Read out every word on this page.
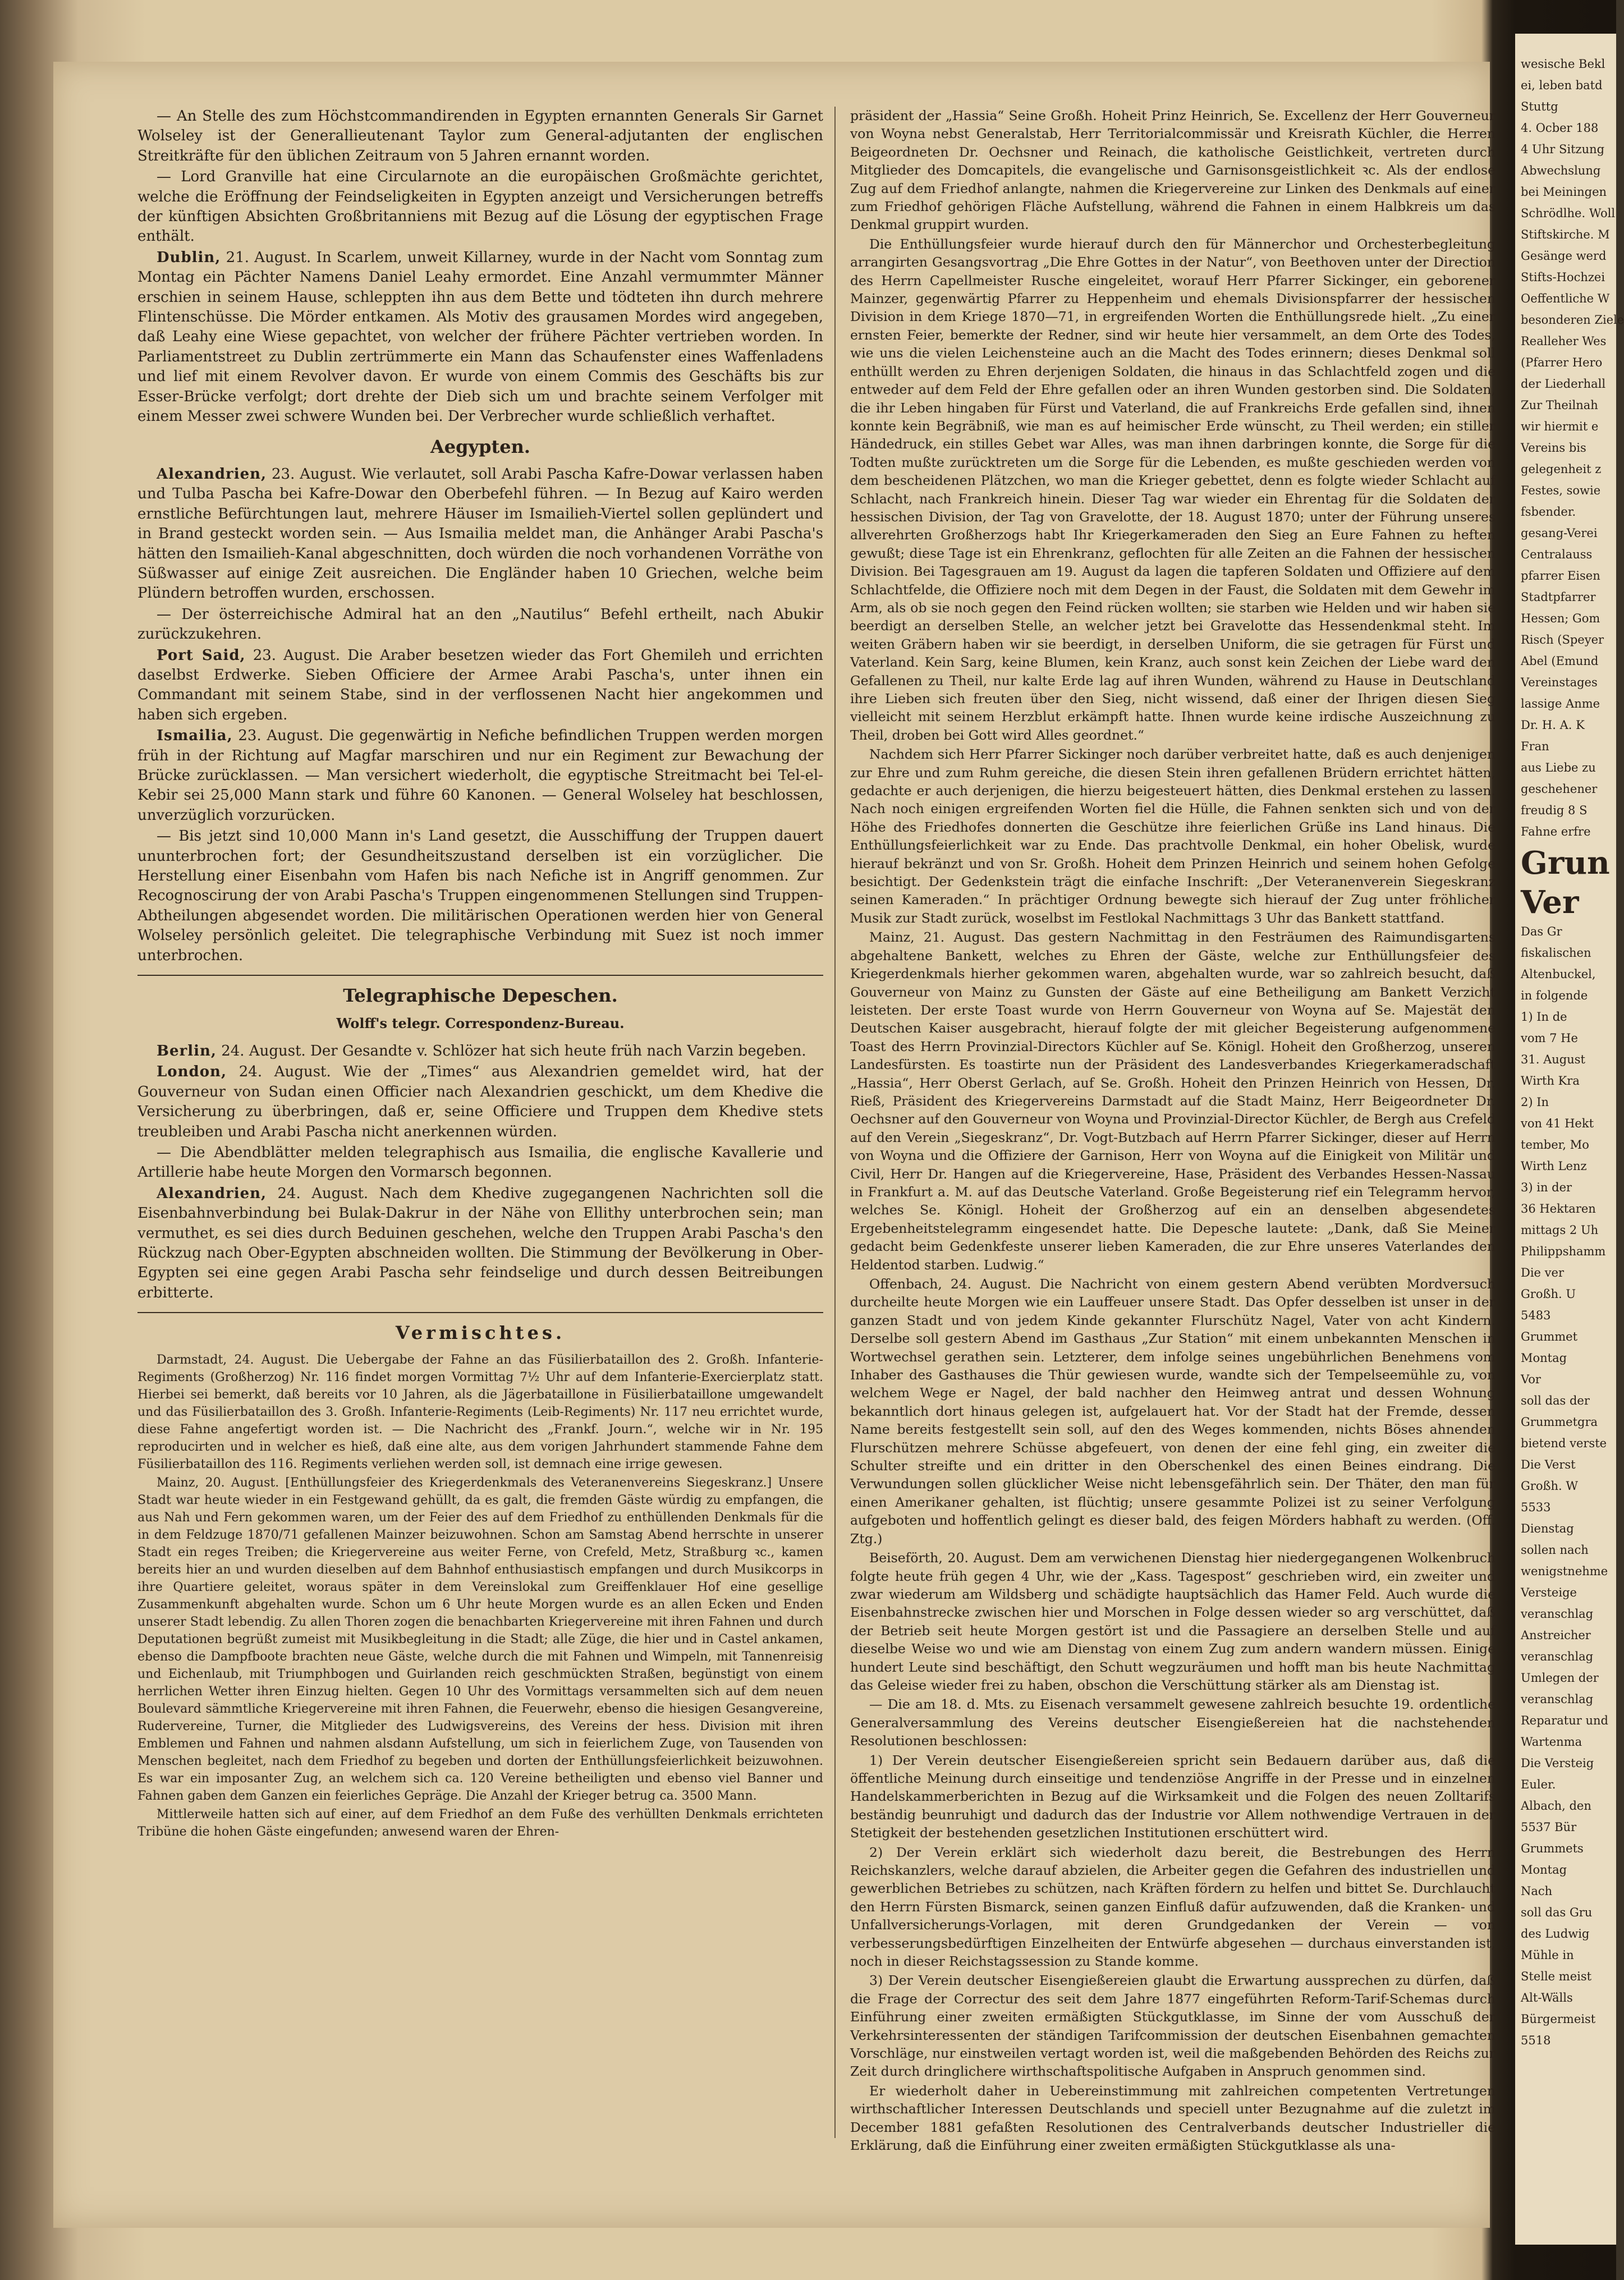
— An Stelle des zum Höchstcommandirenden in Egypten ernannten Generals Sir Garnet Wolseley ist der Generallieutenant Taylor zum General-adjutanten der englischen Streitkräfte für den üblichen Zeitraum von 5 Jahren ernannt worden.

— Lord Granville hat eine Circularnote an die europäischen Großmächte gerichtet, welche die Eröffnung der Feindseligkeiten in Egypten anzeigt und Versicherungen betreffs der künftigen Absichten Großbritanniens mit Bezug auf die Lösung der egyptischen Frage enthält.

Dublin, 21. August. In Scarlem, unweit Killarney, wurde in der Nacht vom Sonntag zum Montag ein Pächter Namens Daniel Leahy ermordet. Eine Anzahl vermummter Männer erschien in seinem Hause, schleppten ihn aus dem Bette und tödteten ihn durch mehrere Flintenschüsse. Die Mörder entkamen. Als Motiv des grausamen Mordes wird angegeben, daß Leahy eine Wiese gepachtet, von welcher der frühere Pächter vertrieben worden. In Parliamentstreet zu Dublin zertrümmerte ein Mann das Schaufenster eines Waffenladens und lief mit einem Revolver davon. Er wurde von einem Commis des Geschäfts bis zur Esser-Brücke verfolgt; dort drehte der Dieb sich um und brachte seinem Verfolger mit einem Messer zwei schwere Wunden bei. Der Verbrecher wurde schließlich verhaftet.

Aegypten.

Alexandrien, 23. August. Wie verlautet, soll Arabi Pascha Kafre-Dowar verlassen haben und Tulba Pascha bei Kafre-Dowar den Oberbefehl führen. — In Bezug auf Kairo werden ernstliche Befürchtungen laut, mehrere Häuser im Ismailieh-Viertel sollen geplündert und in Brand gesteckt worden sein. — Aus Ismailia meldet man, die Anhänger Arabi Pascha's hätten den Ismailieh-Kanal abgeschnitten, doch würden die noch vorhandenen Vorräthe von Süßwasser auf einige Zeit ausreichen. Die Engländer haben 10 Griechen, welche beim Plündern betroffen wurden, erschossen.

— Der österreichische Admiral hat an den „Nautilus“ Befehl ertheilt, nach Abukir zurückzukehren.

Port Said, 23. August. Die Araber besetzen wieder das Fort Ghemileh und errichten daselbst Erdwerke. Sieben Officiere der Armee Arabi Pascha's, unter ihnen ein Commandant mit seinem Stabe, sind in der verflossenen Nacht hier angekommen und haben sich ergeben.

Ismailia, 23. August. Die gegenwärtig in Nefiche befindlichen Truppen werden morgen früh in der Richtung auf Magfar marschiren und nur ein Regiment zur Bewachung der Brücke zurücklassen. — Man versichert wiederholt, die egyptische Streitmacht bei Tel-el-Kebir sei 25,000 Mann stark und führe 60 Kanonen. — General Wolseley hat beschlossen, unverzüglich vorzurücken.

— Bis jetzt sind 10,000 Mann in's Land gesetzt, die Ausschiffung der Truppen dauert ununterbrochen fort; der Gesundheitszustand derselben ist ein vorzüglicher. Die Herstellung einer Eisenbahn vom Hafen bis nach Nefiche ist in Angriff genommen. Zur Recognoscirung der von Arabi Pascha's Truppen eingenommenen Stellungen sind Truppen-Abtheilungen abgesendet worden. Die militärischen Operationen werden hier von General Wolseley persönlich geleitet. Die telegraphische Verbindung mit Suez ist noch immer unterbrochen.

Telegraphische Depeschen.
Wolff's telegr. Correspondenz-Bureau.

Berlin, 24. August. Der Gesandte v. Schlözer hat sich heute früh nach Varzin begeben.

London, 24. August. Wie der „Times“ aus Alexandrien gemeldet wird, hat der Gouverneur von Sudan einen Officier nach Alexandrien geschickt, um dem Khedive die Versicherung zu überbringen, daß er, seine Officiere und Truppen dem Khedive stets treubleiben und Arabi Pascha nicht anerkennen würden.

— Die Abendblätter melden telegraphisch aus Ismailia, die englische Kavallerie und Artillerie habe heute Morgen den Vormarsch begonnen.

Alexandrien, 24. August. Nach dem Khedive zugegangenen Nachrichten soll die Eisenbahnverbindung bei Bulak-Dakrur in der Nähe von Ellithy unterbrochen sein; man vermuthet, es sei dies durch Beduinen geschehen, welche den Truppen Arabi Pascha's den Rückzug nach Ober-Egypten abschneiden wollten. Die Stimmung der Bevölkerung in Ober-Egypten sei eine gegen Arabi Pascha sehr feindselige und durch dessen Beitreibungen erbitterte.

Vermischtes.

Darmstadt, 24. August. Die Uebergabe der Fahne an das Füsilierbataillon des 2. Großh. Infanterie-Regiments (Großherzog) Nr. 116 findet morgen Vormittag 7½ Uhr auf dem Infanterie-Exercierplatz statt. Hierbei sei bemerkt, daß bereits vor 10 Jahren, als die Jägerbataillone in Füsilierbataillone umgewandelt und das Füsilierbataillon des 3. Großh. Infanterie-Regiments (Leib-Regiments) Nr. 117 neu errichtet wurde, diese Fahne angefertigt worden ist. — Die Nachricht des „Frankf. Journ.“, welche wir in Nr. 195 reproducirten und in welcher es hieß, daß eine alte, aus dem vorigen Jahrhundert stammende Fahne dem Füsilierbataillon des 116. Regiments verliehen werden soll, ist demnach eine irrige gewesen.

Mainz, 20. August. [Enthüllungsfeier des Kriegerdenkmals des Veteranenvereins Siegeskranz.] Unsere Stadt war heute wieder in ein Festgewand gehüllt, da es galt, die fremden Gäste würdig zu empfangen, die aus Nah und Fern gekommen waren, um der Feier des auf dem Friedhof zu enthüllenden Denkmals für die in dem Feldzuge 1870/71 gefallenen Mainzer beizuwohnen. Schon am Samstag Abend herrschte in unserer Stadt ein reges Treiben; die Kriegervereine aus weiter Ferne, von Crefeld, Metz, Straßburg ꝛc., kamen bereits hier an und wurden dieselben auf dem Bahnhof enthusiastisch empfangen und durch Musikcorps in ihre Quartiere geleitet, woraus später in dem Vereinslokal zum Greiffenklauer Hof eine gesellige Zusammenkunft abgehalten wurde. Schon um 6 Uhr heute Morgen wurde es an allen Ecken und Enden unserer Stadt lebendig. Zu allen Thoren zogen die benachbarten Kriegervereine mit ihren Fahnen und durch Deputationen begrüßt zumeist mit Musikbegleitung in die Stadt; alle Züge, die hier und in Castel ankamen, ebenso die Dampfboote brachten neue Gäste, welche durch die mit Fahnen und Wimpeln, mit Tannenreisig und Eichenlaub, mit Triumphbogen und Guirlanden reich geschmückten Straßen, begünstigt von einem herrlichen Wetter ihren Einzug hielten. Gegen 10 Uhr des Vormittags versammelten sich auf dem neuen Boulevard sämmtliche Kriegervereine mit ihren Fahnen, die Feuerwehr, ebenso die hiesigen Gesangvereine, Rudervereine, Turner, die Mitglieder des Ludwigsvereins, des Vereins der hess. Division mit ihren Emblemen und Fahnen und nahmen alsdann Aufstellung, um sich in feierlichem Zuge, von Tausenden von Menschen begleitet, nach dem Friedhof zu begeben und dorten der Enthüllungsfeierlichkeit beizuwohnen. Es war ein imposanter Zug, an welchem sich ca. 120 Vereine betheiligten und ebenso viel Banner und Fahnen gaben dem Ganzen ein feierliches Gepräge. Die Anzahl der Krieger betrug ca. 3500 Mann.

Mittlerweile hatten sich auf einer, auf dem Friedhof an dem Fuße des verhüllten Denkmals errichteten Tribüne die hohen Gäste eingefunden; anwesend waren der Ehren-

präsident der „Hassia“ Seine Großh. Hoheit Prinz Heinrich, Se. Excellenz der Herr Gouverneur von Woyna nebst Generalstab, Herr Territorialcommissär und Kreisrath Küchler, die Herren Beigeordneten Dr. Oechsner und Reinach, die katholische Geistlichkeit, vertreten durch Mitglieder des Domcapitels, die evangelische und Garnisonsgeistlichkeit ꝛc. Als der endlose Zug auf dem Friedhof anlangte, nahmen die Kriegervereine zur Linken des Denkmals auf einer zum Friedhof gehörigen Fläche Aufstellung, während die Fahnen in einem Halbkreis um das Denkmal gruppirt wurden.

Die Enthüllungsfeier wurde hierauf durch den für Männerchor und Orchesterbegleitung arrangirten Gesangsvortrag „Die Ehre Gottes in der Natur“, von Beethoven unter der Direction des Herrn Capellmeister Rusche eingeleitet, worauf Herr Pfarrer Sickinger, ein geborener Mainzer, gegenwärtig Pfarrer zu Heppenheim und ehemals Divisionspfarrer der hessischen Division in dem Kriege 1870—71, in ergreifenden Worten die Enthüllungsrede hielt. „Zu einer ernsten Feier, bemerkte der Redner, sind wir heute hier versammelt, an dem Orte des Todes, wie uns die vielen Leichensteine auch an die Macht des Todes erinnern; dieses Denkmal soll enthüllt werden zu Ehren derjenigen Soldaten, die hinaus in das Schlachtfeld zogen und die entweder auf dem Feld der Ehre gefallen oder an ihren Wunden gestorben sind. Die Soldaten, die ihr Leben hingaben für Fürst und Vaterland, die auf Frankreichs Erde gefallen sind, ihnen konnte kein Begräbniß, wie man es auf heimischer Erde wünscht, zu Theil werden; ein stiller Händedruck, ein stilles Gebet war Alles, was man ihnen darbringen konnte, die Sorge für die Todten mußte zurücktreten um die Sorge für die Lebenden, es mußte geschieden werden von dem bescheidenen Plätzchen, wo man die Krieger gebettet, denn es folgte wieder Schlacht auf Schlacht, nach Frankreich hinein. Dieser Tag war wieder ein Ehrentag für die Soldaten der hessischen Division, der Tag von Gravelotte, der 18. August 1870; unter der Führung unseres allverehrten Großherzogs habt Ihr Kriegerkameraden den Sieg an Eure Fahnen zu heften gewußt; diese Tage ist ein Ehrenkranz, geflochten für alle Zeiten an die Fahnen der hessischen Division. Bei Tagesgrauen am 19. August da lagen die tapferen Soldaten und Offiziere auf dem Schlachtfelde, die Offiziere noch mit dem Degen in der Faust, die Soldaten mit dem Gewehr im Arm, als ob sie noch gegen den Feind rücken wollten; sie starben wie Helden und wir haben sie beerdigt an derselben Stelle, an welcher jetzt bei Gravelotte das Hessendenkmal steht. Im weiten Gräbern haben wir sie beerdigt, in derselben Uniform, die sie getragen für Fürst und Vaterland. Kein Sarg, keine Blumen, kein Kranz, auch sonst kein Zeichen der Liebe ward den Gefallenen zu Theil, nur kalte Erde lag auf ihren Wunden, während zu Hause in Deutschland ihre Lieben sich freuten über den Sieg, nicht wissend, daß einer der Ihrigen diesen Sieg vielleicht mit seinem Herzblut erkämpft hatte. Ihnen wurde keine irdische Auszeichnung zu Theil, droben bei Gott wird Alles geordnet.“

Nachdem sich Herr Pfarrer Sickinger noch darüber verbreitet hatte, daß es auch denjenigen zur Ehre und zum Ruhm gereiche, die diesen Stein ihren gefallenen Brüdern errichtet hätten, gedachte er auch derjenigen, die hierzu beigesteuert hätten, dies Denkmal erstehen zu lassen. Nach noch einigen ergreifenden Worten fiel die Hülle, die Fahnen senkten sich und von der Höhe des Friedhofes donnerten die Geschütze ihre feierlichen Grüße ins Land hinaus. Die Enthüllungsfeierlichkeit war zu Ende. Das prachtvolle Denkmal, ein hoher Obelisk, wurde hierauf bekränzt und von Sr. Großh. Hoheit dem Prinzen Heinrich und seinem hohen Gefolge besichtigt. Der Gedenkstein trägt die einfache Inschrift: „Der Veteranenverein Siegeskranz seinen Kameraden.“ In prächtiger Ordnung bewegte sich hierauf der Zug unter fröhlicher Musik zur Stadt zurück, woselbst im Festlokal Nachmittags 3 Uhr das Bankett stattfand.

Mainz, 21. August. Das gestern Nachmittag in den Festräumen des Raimundisgartens abgehaltene Bankett, welches zu Ehren der Gäste, welche zur Enthüllungsfeier des Kriegerdenkmals hierher gekommen waren, abgehalten wurde, war so zahlreich besucht, daß Gouverneur von Mainz zu Gunsten der Gäste auf eine Betheiligung am Bankett Verzicht leisteten. Der erste Toast wurde von Herrn Gouverneur von Woyna auf Se. Majestät den Deutschen Kaiser ausgebracht, hierauf folgte der mit gleicher Begeisterung aufgenommene Toast des Herrn Provinzial-Directors Küchler auf Se. Königl. Hoheit den Großherzog, unseren Landesfürsten. Es toastirte nun der Präsident des Landesverbandes Kriegerkameradschaft „Hassia“, Herr Oberst Gerlach, auf Se. Großh. Hoheit den Prinzen Heinrich von Hessen, Dr. Rieß, Präsident des Kriegervereins Darmstadt auf die Stadt Mainz, Herr Beigeordneter Dr. Oechsner auf den Gouverneur von Woyna und Provinzial-Director Küchler, de Bergh aus Crefeld auf den Verein „Siegeskranz“, Dr. Vogt-Butzbach auf Herrn Pfarrer Sickinger, dieser auf Herrn von Woyna und die Offiziere der Garnison, Herr von Woyna auf die Einigkeit von Militär und Civil, Herr Dr. Hangen auf die Kriegervereine, Hase, Präsident des Verbandes Hessen-Nassau in Frankfurt a. M. auf das Deutsche Vaterland. Große Begeisterung rief ein Telegramm hervor, welches Se. Königl. Hoheit der Großherzog auf ein an denselben abgesendetes Ergebenheitstelegramm eingesendet hatte. Die Depesche lautete: „Dank, daß Sie Meiner gedacht beim Gedenkfeste unserer lieben Kameraden, die zur Ehre unseres Vaterlandes den Heldentod starben. Ludwig.“

Offenbach, 24. August. Die Nachricht von einem gestern Abend verübten Mordversuch durcheilte heute Morgen wie ein Lauffeuer unsere Stadt. Das Opfer desselben ist unser in der ganzen Stadt und von jedem Kinde gekannter Flurschütz Nagel, Vater von acht Kindern. Derselbe soll gestern Abend im Gasthaus „Zur Station“ mit einem unbekannten Menschen in Wortwechsel gerathen sein. Letzterer, dem infolge seines ungebührlichen Benehmens vom Inhaber des Gasthauses die Thür gewiesen wurde, wandte sich der Tempelseemühle zu, von welchem Wege er Nagel, der bald nachher den Heimweg antrat und dessen Wohnung bekanntlich dort hinaus gelegen ist, aufgelauert hat. Vor der Stadt hat der Fremde, dessen Name bereits festgestellt sein soll, auf den des Weges kommenden, nichts Böses ahnenden Flurschützen mehrere Schüsse abgefeuert, von denen der eine fehl ging, ein zweiter die Schulter streifte und ein dritter in den Oberschenkel des einen Beines eindrang. Die Verwundungen sollen glücklicher Weise nicht lebensgefährlich sein. Der Thäter, den man für einen Amerikaner gehalten, ist flüchtig; unsere gesammte Polizei ist zu seiner Verfolgung aufgeboten und hoffentlich gelingt es dieser bald, des feigen Mörders habhaft zu werden. (Off. Ztg.)

Beiseförth, 20. August. Dem am verwichenen Dienstag hier niedergegangenen Wolkenbruch folgte heute früh gegen 4 Uhr, wie der „Kass. Tagespost“ geschrieben wird, ein zweiter und zwar wiederum am Wildsberg und schädigte hauptsächlich das Hamer Feld. Auch wurde die Eisenbahnstrecke zwischen hier und Morschen in Folge dessen wieder so arg verschüttet, daß der Betrieb seit heute Morgen gestört ist und die Passagiere an derselben Stelle und auf dieselbe Weise wo und wie am Dienstag von einem Zug zum andern wandern müssen. Einige hundert Leute sind beschäftigt, den Schutt wegzuräumen und hofft man bis heute Nachmittag das Geleise wieder frei zu haben, obschon die Verschüttung stärker als am Dienstag ist.

— Die am 18. d. Mts. zu Eisenach versammelt gewesene zahlreich besuchte 19. ordentliche Generalversammlung des Vereins deutscher Eisengießereien hat die nachstehenden Resolutionen beschlossen:

1) Der Verein deutscher Eisengießereien spricht sein Bedauern darüber aus, daß die öffentliche Meinung durch einseitige und tendenziöse Angriffe in der Presse und in einzelnen Handelskammerberichten in Bezug auf die Wirksamkeit und die Folgen des neuen Zolltarifs beständig beunruhigt und dadurch das der Industrie vor Allem nothwendige Vertrauen in der Stetigkeit der bestehenden gesetzlichen Institutionen erschüttert wird.

2) Der Verein erklärt sich wiederholt dazu bereit, die Bestrebungen des Herrn Reichskanzlers, welche darauf abzielen, die Arbeiter gegen die Gefahren des industriellen und gewerblichen Betriebes zu schützen, nach Kräften fördern zu helfen und bittet Se. Durchlaucht den Herrn Fürsten Bismarck, seinen ganzen Einfluß dafür aufzuwenden, daß die Kranken- und Unfallversicherungs-Vorlagen, mit deren Grundgedanken der Verein — von verbesserungsbedürftigen Einzelheiten der Entwürfe abgesehen — durchaus einverstanden ist, noch in dieser Reichstagssession zu Stande komme.

3) Der Verein deutscher Eisengießereien glaubt die Erwartung aussprechen zu dürfen, daß die Frage der Correctur des seit dem Jahre 1877 eingeführten Reform-Tarif-Schemas durch Einführung einer zweiten ermäßigten Stückgutklasse, im Sinne der vom Ausschuß der Verkehrsinteressenten der ständigen Tarifcommission der deutschen Eisenbahnen gemachten Vorschläge, nur einstweilen vertagt worden ist, weil die maßgebenden Behörden des Reichs zur Zeit durch dringlichere wirthschaftspolitische Aufgaben in Anspruch genommen sind.

Er wiederholt daher in Uebereinstimmung mit zahlreichen competenten Vertretungen wirthschaftlicher Interessen Deutschlands und speciell unter Bezugnahme auf die zuletzt im December 1881 gefaßten Resolutionen des Centralverbands deutscher Industrieller die Erklärung, daß die Einführung einer zweiten ermäßigten Stückgutklasse als una-

wesische Bekl
ei, leben batd
Stuttg
4. Ocber 188
4 Uhr Sitzung
Abwechslung
bei Meiningen
Schrödlhe. Woll
Stiftskirche. M
Gesänge werd
Stifts-Hochzei
Oeffentliche W
besonderen Ziele
Realleher Wes
(Pfarrer Hero
der Liederhall
Zur Theilnah
wir hiermit e
Vereins bis
gelegenheit z
Festes, sowie
fsbender.
gesang-Verei
Centralauss
pfarrer Eisen
Stadtpfarrer
Hessen; Gom
Risch (Speyer
Abel (Emund
Vereinstages
lassige Anme
Dr. H. A. K
Fran
aus Liebe zu
geschehener
freudig 8 S
Fahne erfre
Grun
Ver
Das Gr
fiskalischen
Altenbuckel,
in folgende
1) In de
vom 7 He
31. August
Wirth Kra
2) In
von 41 Hekt
tember, Mo
Wirth Lenz
3) in der
36 Hektaren
mittags 2 Uh
Philippshamm
Die ver
Großh. U
5483
Grummet
Montag
Vor
soll das der
Grummetgra
bietend verste
Die Verst
Großh. W
5533
Dienstag
sollen nach
wenigstnehme
Versteige
veranschlag
Anstreicher
veranschlag
Umlegen der
veranschlag
Reparatur und
Wartenma
Die Versteig
Euler.
Albach, den
5537 Bür
Grummets
Montag
Nach
soll das Gru
des Ludwig
Mühle in
Stelle meist
Alt-Wälls
Bürgermeist
5518
